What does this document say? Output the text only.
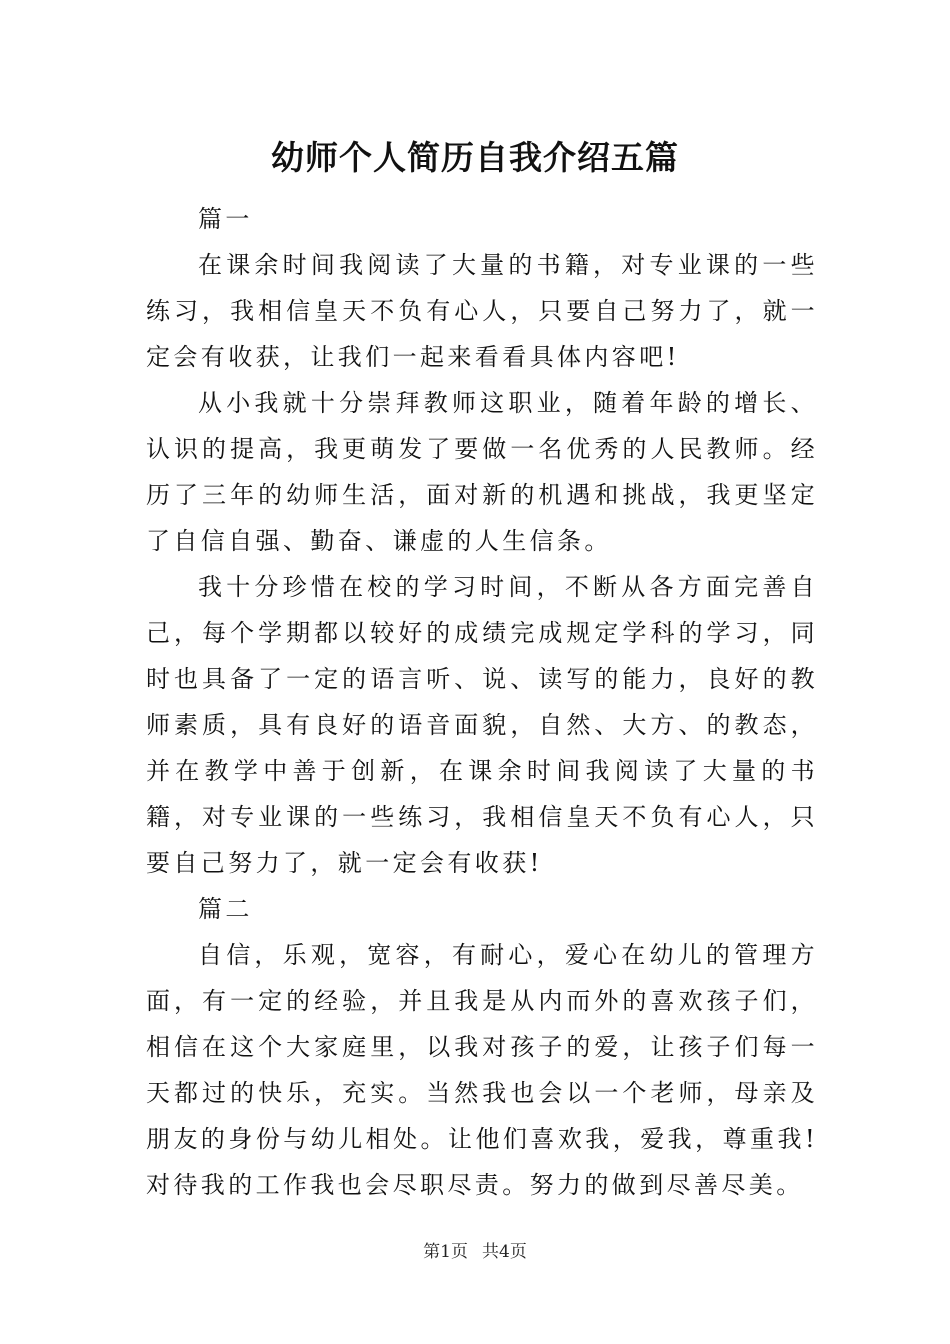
幼师个人简历自我介绍五篇

篇一

在课余时间我阅读了大量的书籍，对专业课的一些练习，我相信皇天不负有心人，只要自己努力了，就一定会有收获，让我们一起来看看具体内容吧!

从小我就十分崇拜教师这职业，随着年龄的增长、认识的提高，我更萌发了要做一名优秀的人民教师。经历了三年的幼师生活，面对新的机遇和挑战，我更坚定了自信自强、勤奋、谦虚的人生信条。

我十分珍惜在校的学习时间，不断从各方面完善自己，每个学期都以较好的成绩完成规定学科的学习，同时也具备了一定的语言听、说、读写的能力，良好的教师素质，具有良好的语音面貌，自然、大方、的教态，并在教学中善于创新，在课余时间我阅读了大量的书籍，对专业课的一些练习，我相信皇天不负有心人，只要自己努力了，就一定会有收获!

篇二

自信，乐观，宽容，有耐心，爱心在幼儿的管理方面，有一定的经验，并且我是从内而外的喜欢孩子们，相信在这个大家庭里，以我对孩子的爱，让孩子们每一天都过的快乐，充实。当然我也会以一个老师，母亲及朋友的身份与幼儿相处。让他们喜欢我，爱我，尊重我!对待我的工作我也会尽职尽责。努力的做到尽善尽美。

第1页 共4页
